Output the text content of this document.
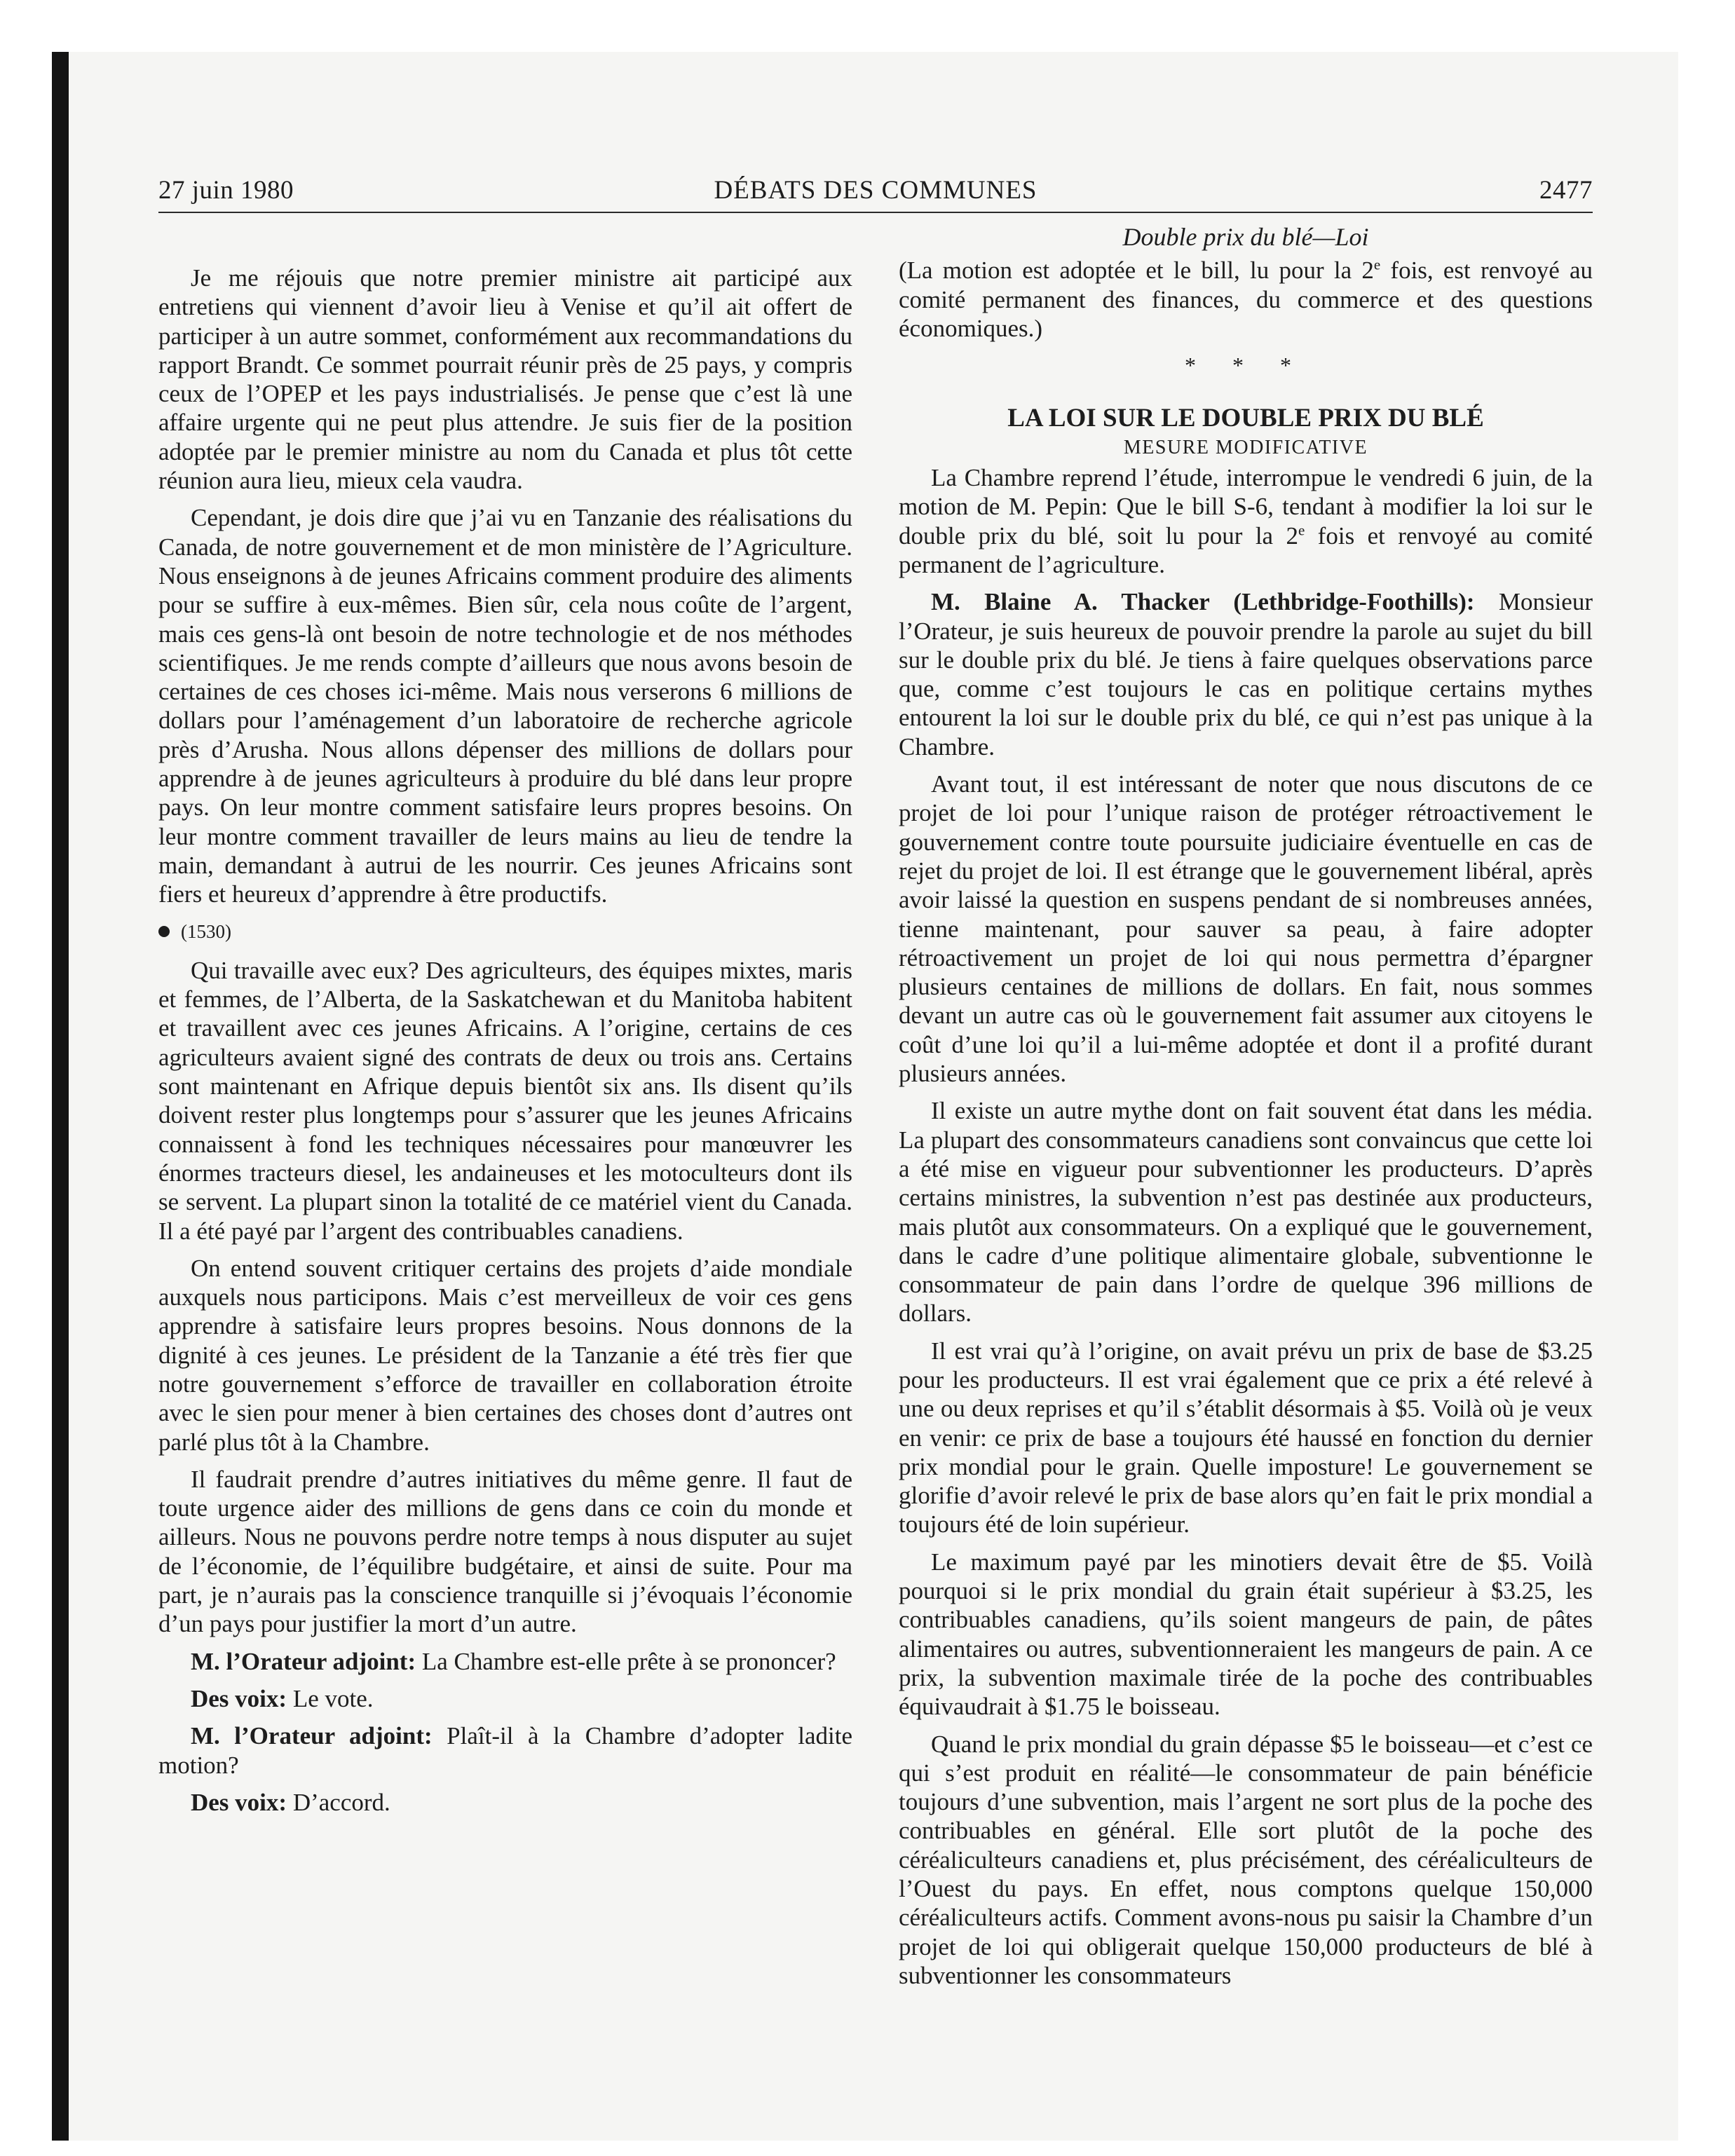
27 juin 1980	DÉBATS DES COMMUNES	2477

Je me réjouis que notre premier ministre ait participé aux entretiens qui viennent d’avoir lieu à Venise et qu’il ait offert de participer à un autre sommet, conformément aux recommandations du rapport Brandt. Ce sommet pourrait réunir près de 25 pays, y compris ceux de l’OPEP et les pays industrialisés. Je pense que c’est là une affaire urgente qui ne peut plus attendre. Je suis fier de la position adoptée par le premier ministre au nom du Canada et plus tôt cette réunion aura lieu, mieux cela vaudra.

Cependant, je dois dire que j’ai vu en Tanzanie des réalisations du Canada, de notre gouvernement et de mon ministère de l’Agriculture. Nous enseignons à de jeunes Africains comment produire des aliments pour se suffire à eux-mêmes. Bien sûr, cela nous coûte de l’argent, mais ces gens-là ont besoin de notre technologie et de nos méthodes scientifiques. Je me rends compte d’ailleurs que nous avons besoin de certaines de ces choses ici-même. Mais nous verserons 6 millions de dollars pour l’aménagement d’un laboratoire de recherche agricole près d’Arusha. Nous allons dépenser des millions de dollars pour apprendre à de jeunes agriculteurs à produire du blé dans leur propre pays. On leur montre comment satisfaire leurs propres besoins. On leur montre comment travailler de leurs mains au lieu de tendre la main, demandant à autrui de les nourrir. Ces jeunes Africains sont fiers et heureux d’apprendre à être productifs.

(1530)

Qui travaille avec eux? Des agriculteurs, des équipes mixtes, maris et femmes, de l’Alberta, de la Saskatchewan et du Manitoba habitent et travaillent avec ces jeunes Africains. A l’origine, certains de ces agriculteurs avaient signé des contrats de deux ou trois ans. Certains sont maintenant en Afrique depuis bientôt six ans. Ils disent qu’ils doivent rester plus longtemps pour s’assurer que les jeunes Africains connaissent à fond les techniques nécessaires pour manœuvrer les énormes tracteurs diesel, les andaineuses et les motoculteurs dont ils se servent. La plupart sinon la totalité de ce matériel vient du Canada. Il a été payé par l’argent des contribuables canadiens.

On entend souvent critiquer certains des projets d’aide mondiale auxquels nous participons. Mais c’est merveilleux de voir ces gens apprendre à satisfaire leurs propres besoins. Nous donnons de la dignité à ces jeunes. Le président de la Tanzanie a été très fier que notre gouvernement s’efforce de travailler en collaboration étroite avec le sien pour mener à bien certaines des choses dont d’autres ont parlé plus tôt à la Chambre.

Il faudrait prendre d’autres initiatives du même genre. Il faut de toute urgence aider des millions de gens dans ce coin du monde et ailleurs. Nous ne pouvons perdre notre temps à nous disputer au sujet de l’économie, de l’équilibre budgétaire, et ainsi de suite. Pour ma part, je n’aurais pas la conscience tranquille si j’évoquais l’économie d’un pays pour justifier la mort d’un autre.

M. l’Orateur adjoint: La Chambre est-elle prête à se prononcer?

Des voix: Le vote.

M. l’Orateur adjoint: Plaît-il à la Chambre d’adopter ladite motion?

Des voix: D’accord.

Double prix du blé—Loi

(La motion est adoptée et le bill, lu pour la 2e fois, est renvoyé au comité permanent des finances, du commerce et des questions économiques.)

* * *
LA LOI SUR LE DOUBLE PRIX DU BLÉ
MESURE MODIFICATIVE

La Chambre reprend l’étude, interrompue le vendredi 6 juin, de la motion de M. Pepin: Que le bill S-6, tendant à modifier la loi sur le double prix du blé, soit lu pour la 2e fois et renvoyé au comité permanent de l’agriculture.

M. Blaine A. Thacker (Lethbridge-Foothills): Monsieur l’Orateur, je suis heureux de pouvoir prendre la parole au sujet du bill sur le double prix du blé. Je tiens à faire quelques observations parce que, comme c’est toujours le cas en politique certains mythes entourent la loi sur le double prix du blé, ce qui n’est pas unique à la Chambre.

Avant tout, il est intéressant de noter que nous discutons de ce projet de loi pour l’unique raison de protéger rétroactivement le gouvernement contre toute poursuite judiciaire éventuelle en cas de rejet du projet de loi. Il est étrange que le gouvernement libéral, après avoir laissé la question en suspens pendant de si nombreuses années, tienne maintenant, pour sauver sa peau, à faire adopter rétroactivement un projet de loi qui nous permettra d’épargner plusieurs centaines de millions de dollars. En fait, nous sommes devant un autre cas où le gouvernement fait assumer aux citoyens le coût d’une loi qu’il a lui-même adoptée et dont il a profité durant plusieurs années.

Il existe un autre mythe dont on fait souvent état dans les média. La plupart des consommateurs canadiens sont convaincus que cette loi a été mise en vigueur pour subventionner les producteurs. D’après certains ministres, la subvention n’est pas destinée aux producteurs, mais plutôt aux consommateurs. On a expliqué que le gouvernement, dans le cadre d’une politique alimentaire globale, subventionne le consommateur de pain dans l’ordre de quelque 396 millions de dollars.

Il est vrai qu’à l’origine, on avait prévu un prix de base de $3.25 pour les producteurs. Il est vrai également que ce prix a été relevé à une ou deux reprises et qu’il s’établit désormais à $5. Voilà où je veux en venir: ce prix de base a toujours été haussé en fonction du dernier prix mondial pour le grain. Quelle imposture! Le gouvernement se glorifie d’avoir relevé le prix de base alors qu’en fait le prix mondial a toujours été de loin supérieur.

Le maximum payé par les minotiers devait être de $5. Voilà pourquoi si le prix mondial du grain était supérieur à $3.25, les contribuables canadiens, qu’ils soient mangeurs de pain, de pâtes alimentaires ou autres, subventionneraient les mangeurs de pain. A ce prix, la subvention maximale tirée de la poche des contribuables équivaudrait à $1.75 le boisseau.

Quand le prix mondial du grain dépasse $5 le boisseau—et c’est ce qui s’est produit en réalité—le consommateur de pain bénéficie toujours d’une subvention, mais l’argent ne sort plus de la poche des contribuables en général. Elle sort plutôt de la poche des céréaliculteurs canadiens et, plus précisément, des céréaliculteurs de l’Ouest du pays. En effet, nous comptons quelque 150,000 céréaliculteurs actifs. Comment avons-nous pu saisir la Chambre d’un projet de loi qui obligerait quelque 150,000 producteurs de blé à subventionner les consommateurs
